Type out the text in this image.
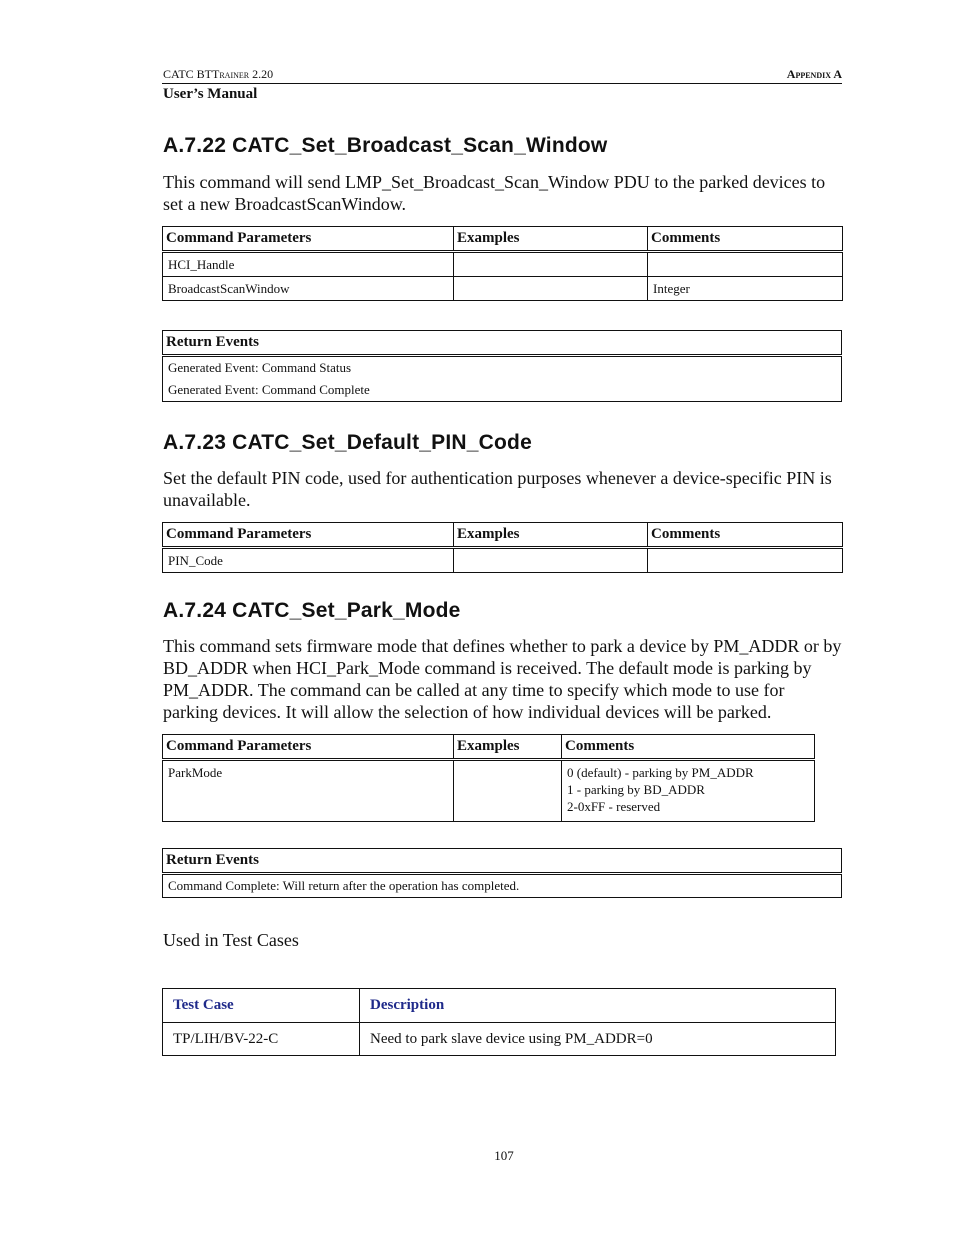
CATC BTTrainer 2.20	Appendix A
User’s Manual
A.7.22 CATC_Set_Broadcast_Scan_Window

This command will send LMP_Set_Broadcast_Scan_Window PDU to the parked devices to set a new BroadcastScanWindow.

Command Parameters	Examples	Comments
HCI_Handle		
BroadcastScanWindow		Integer
Return Events
Generated Event: Command Status
Generated Event: Command Complete
A.7.23 CATC_Set_Default_PIN_Code

Set the default PIN code, used for authentication purposes whenever a device-specific PIN is unavailable.

Command Parameters	Examples	Comments
PIN_Code		
A.7.24 CATC_Set_Park_Mode

This command sets firmware mode that defines whether to park a device by PM_ADDR or by BD_ADDR when HCI_Park_Mode command is received. The default mode is parking by PM_ADDR. The command can be called at any time to specify which mode to use for parking devices. It will allow the selection of how individual devices will be parked.

Command Parameters	Examples	Comments
ParkMode		0 (default) - parking by PM_ADDR
1 - parking by BD_ADDR
2-0xFF - reserved
Return Events
Command Complete: Will return after the operation has completed.
Used in Test Cases
Test Case	Description
TP/LIH/BV-22-C	Need to park slave device using PM_ADDR=0
107
